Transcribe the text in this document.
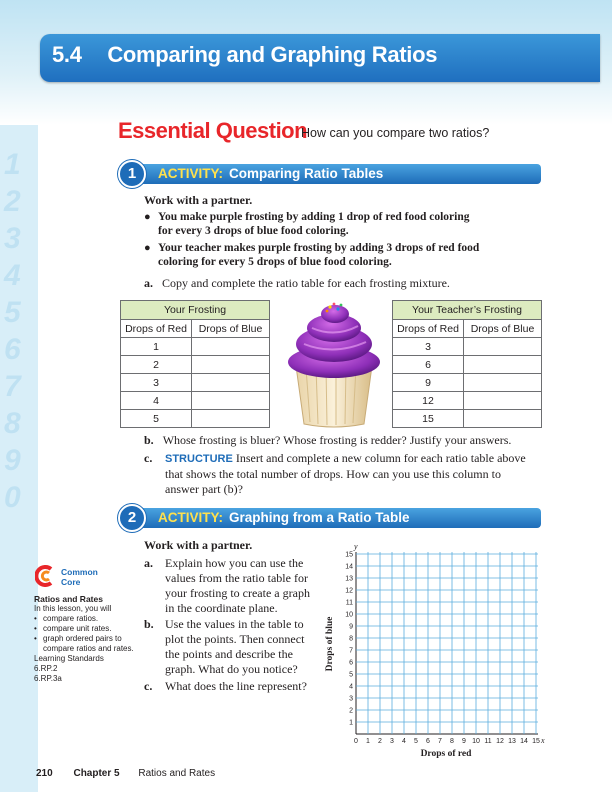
5.4 Comparing and Graphing Ratios
1
2
3
4
5
6
7
8
9
0
Essential Question
How can you compare two ratios?
1	ACTIVITY: Comparing Ratio Tables
Work with a partner.
● You make purple frosting by adding 1 drop of red food coloring
for every 3 drops of blue food coloring.
● Your teacher makes purple frosting by adding 3 drops of red food
coloring for every 5 drops of blue food coloring.
a. Copy and complete the ratio table for each frosting mixture.
Your Frosting	
Drops of Red	Drops of Blue
1	
2	
3	
4	
5	
Your Teacher’s Frosting	
Drops of Red	Drops of Blue
3	
6	
9	
12	
15	
b. Whose frosting is bluer? Whose frosting is redder? Justify your answers.
c. STRUCTURE Insert and complete a new column for each ratio table above
that shows the total number of drops. How can you use this column to
answer part (b)?
2	ACTIVITY: Graphing from a Ratio Table
Work with a partner.
a. Explain how you can use the
values from the ratio table for
your frosting to create a graph
in the coordinate plane.
b. Use the values in the table to
plot the points. Then connect
the points and describe the
graph. What do you notice?
c. What does the line represent?
0 1 2 3 4 5 6 7 8 9 10 11 12 13 14 15
1
2
3
4
5
6
7
8
9
10
11
12
13
14
15
y
x
Drops of blue
Drops of red
Common
Core
Ratios and Rates
In this lesson, you will
• compare ratios.
• compare unit rates.
• graph ordered pairs to
compare ratios and rates.
Learning Standards
6.RP.2
6.RP.3a
210 Chapter 5 Ratios and Rates
